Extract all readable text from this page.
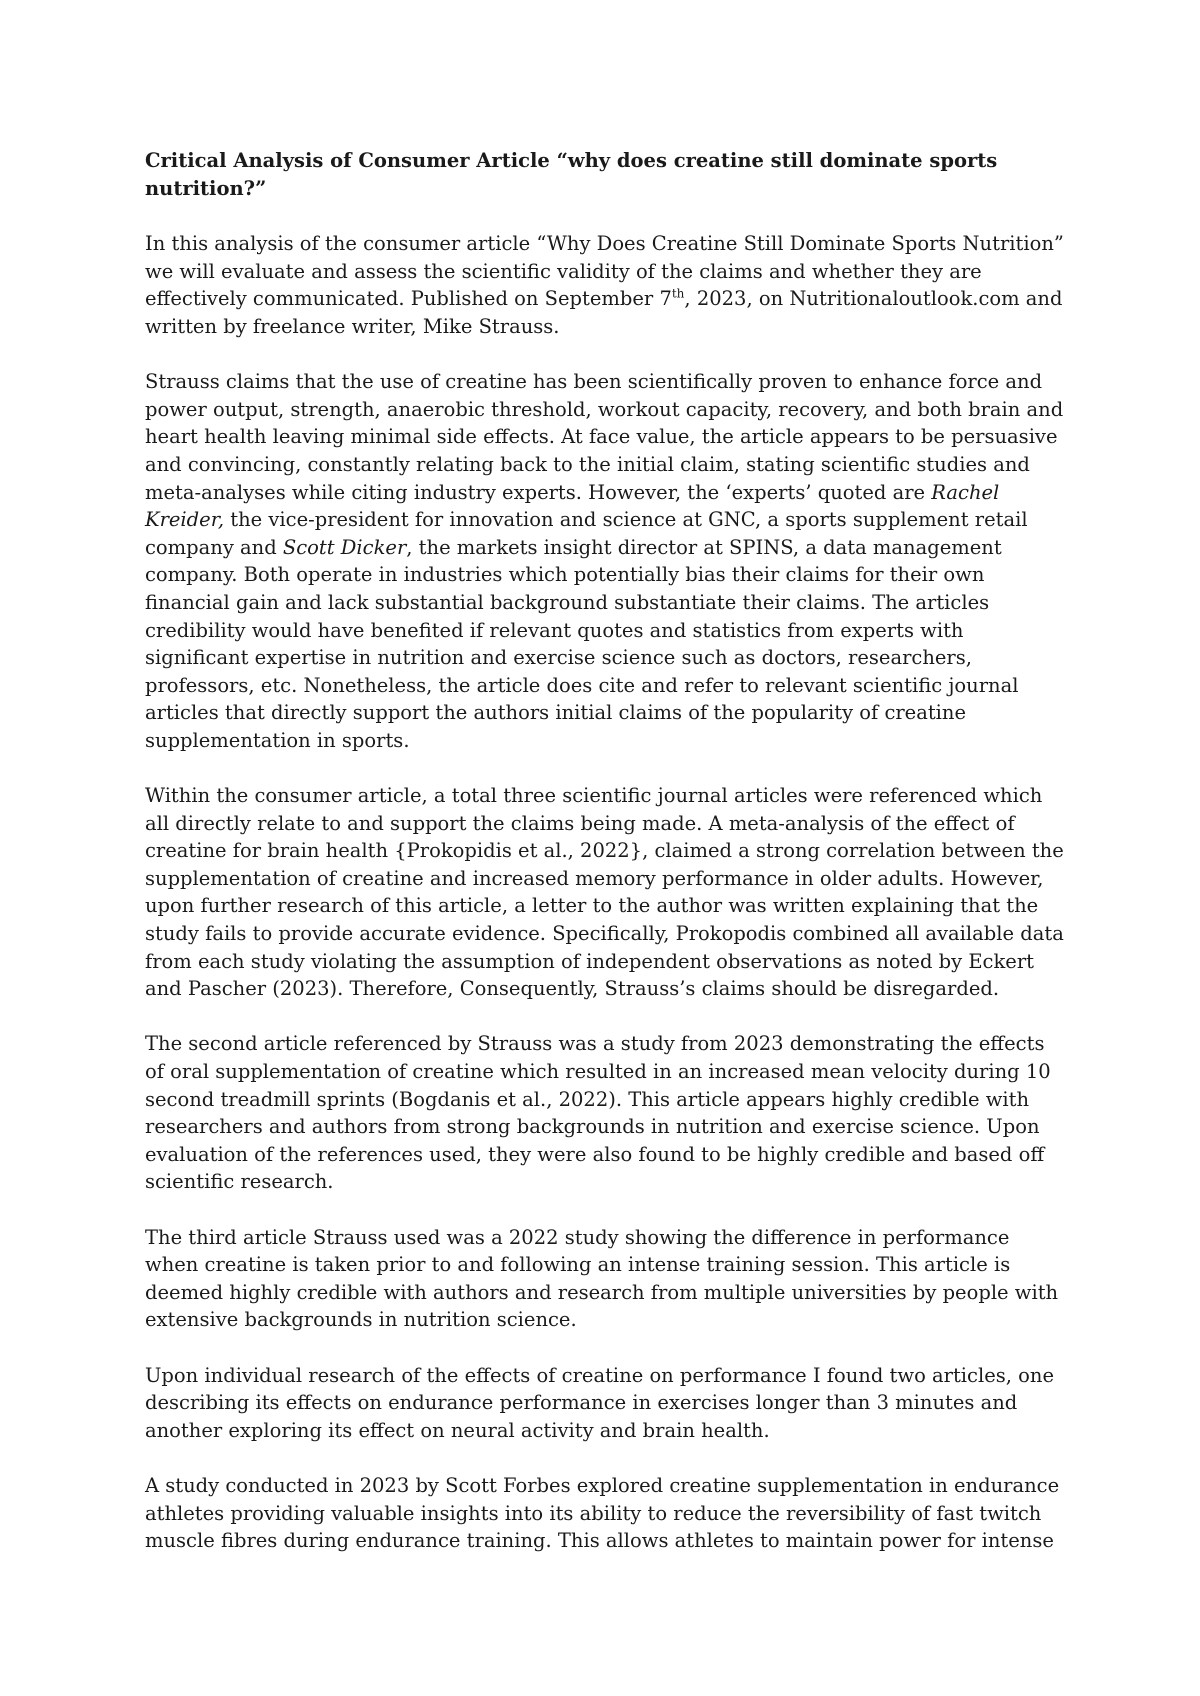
Critical Analysis of Consumer Article “why does creatine still dominate sports nutrition?”

In this analysis of the consumer article “Why Does Creatine Still Dominate Sports Nutrition” we will evaluate and assess the scientific validity of the claims and whether they are effectively communicated. Published on September 7th, 2023, on Nutritionaloutlook.com and written by freelance writer, Mike Strauss.

Strauss claims that the use of creatine has been scientifically proven to enhance force and power output, strength, anaerobic threshold, workout capacity, recovery, and both brain and heart health leaving minimal side effects. At face value, the article appears to be persuasive and convincing, constantly relating back to the initial claim, stating scientific studies and meta-analyses while citing industry experts. However, the ‘experts’ quoted are Rachel Kreider, the vice-president for innovation and science at GNC, a sports supplement retail company and Scott Dicker, the markets insight director at SPINS, a data management company. Both operate in industries which potentially bias their claims for their own financial gain and lack substantial background substantiate their claims. The articles credibility would have benefited if relevant quotes and statistics from experts with significant expertise in nutrition and exercise science such as doctors, researchers, professors, etc. Nonetheless, the article does cite and refer to relevant scientific journal articles that directly support the authors initial claims of the popularity of creatine supplementation in sports.

Within the consumer article, a total three scientific journal articles were referenced which all directly relate to and support the claims being made. A meta-analysis of the effect of creatine for brain health {Prokopidis et al., 2022}, claimed a strong correlation between the supplementation of creatine and increased memory performance in older adults. However, upon further research of this article, a letter to the author was written explaining that the study fails to provide accurate evidence. Specifically, Prokopodis combined all available data from each study violating the assumption of independent observations as noted by Eckert and Pascher (2023). Therefore, Consequently, Strauss’s claims should be disregarded.

The second article referenced by Strauss was a study from 2023 demonstrating the effects of oral supplementation of creatine which resulted in an increased mean velocity during 10 second treadmill sprints (Bogdanis et al., 2022). This article appears highly credible with researchers and authors from strong backgrounds in nutrition and exercise science. Upon evaluation of the references used, they were also found to be highly credible and based off scientific research.

The third article Strauss used was a 2022 study showing the difference in performance when creatine is taken prior to and following an intense training session. This article is deemed highly credible with authors and research from multiple universities by people with extensive backgrounds in nutrition science.

Upon individual research of the effects of creatine on performance I found two articles, one describing its effects on endurance performance in exercises longer than 3 minutes and another exploring its effect on neural activity and brain health.

A study conducted in 2023 by Scott Forbes explored creatine supplementation in endurance athletes providing valuable insights into its ability to reduce the reversibility of fast twitch muscle fibres during endurance training. This allows athletes to maintain power for intense
